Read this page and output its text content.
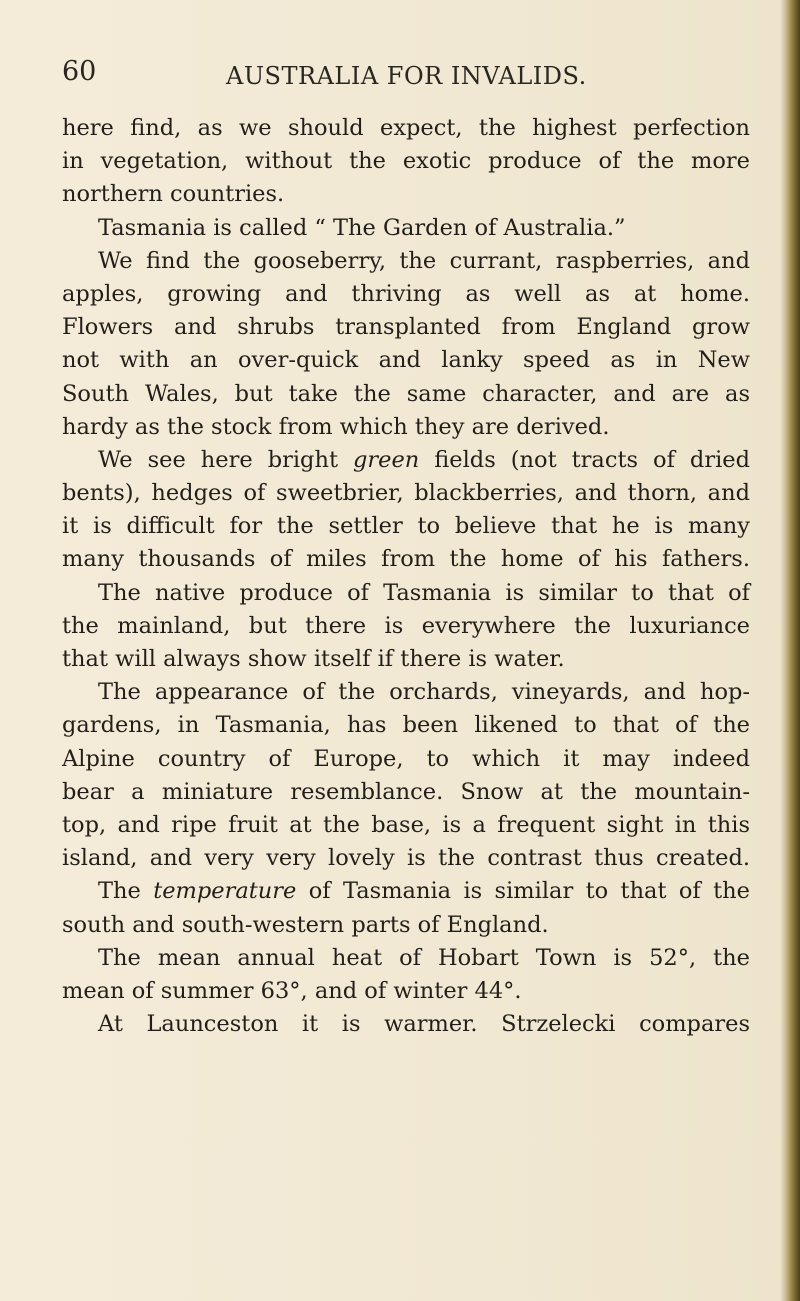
60	AUSTRALIA FOR INVALIDS.
here find, as we should expect, the highest perfection
in vegetation, without the exotic produce of the more
northern countries.
Tasmania is called “ The Garden of Australia.”
We find the gooseberry, the currant, raspberries, and
apples, growing and thriving as well as at home.
Flowers and shrubs transplanted from England grow
not with an over-quick and lanky speed as in New
South Wales, but take the same character, and are as
hardy as the stock from which they are derived.
We see here bright green fields (not tracts of dried
bents), hedges of sweetbrier, blackberries, and thorn, and
it is difficult for the settler to believe that he is many
many thousands of miles from the home of his fathers.
The native produce of Tasmania is similar to that of
the mainland, but there is everywhere the luxuriance
that will always show itself if there is water.
The appearance of the orchards, vineyards, and hop-
gardens, in Tasmania, has been likened to that of the
Alpine country of Europe, to which it may indeed
bear a miniature resemblance. Snow at the mountain-
top, and ripe fruit at the base, is a frequent sight in this
island, and very very lovely is the contrast thus created.
The temperature of Tasmania is similar to that of the
south and south-western parts of England.
The mean annual heat of Hobart Town is 52°, the
mean of summer 63°, and of winter 44°.
At Launceston it is warmer. Strzelecki compares
